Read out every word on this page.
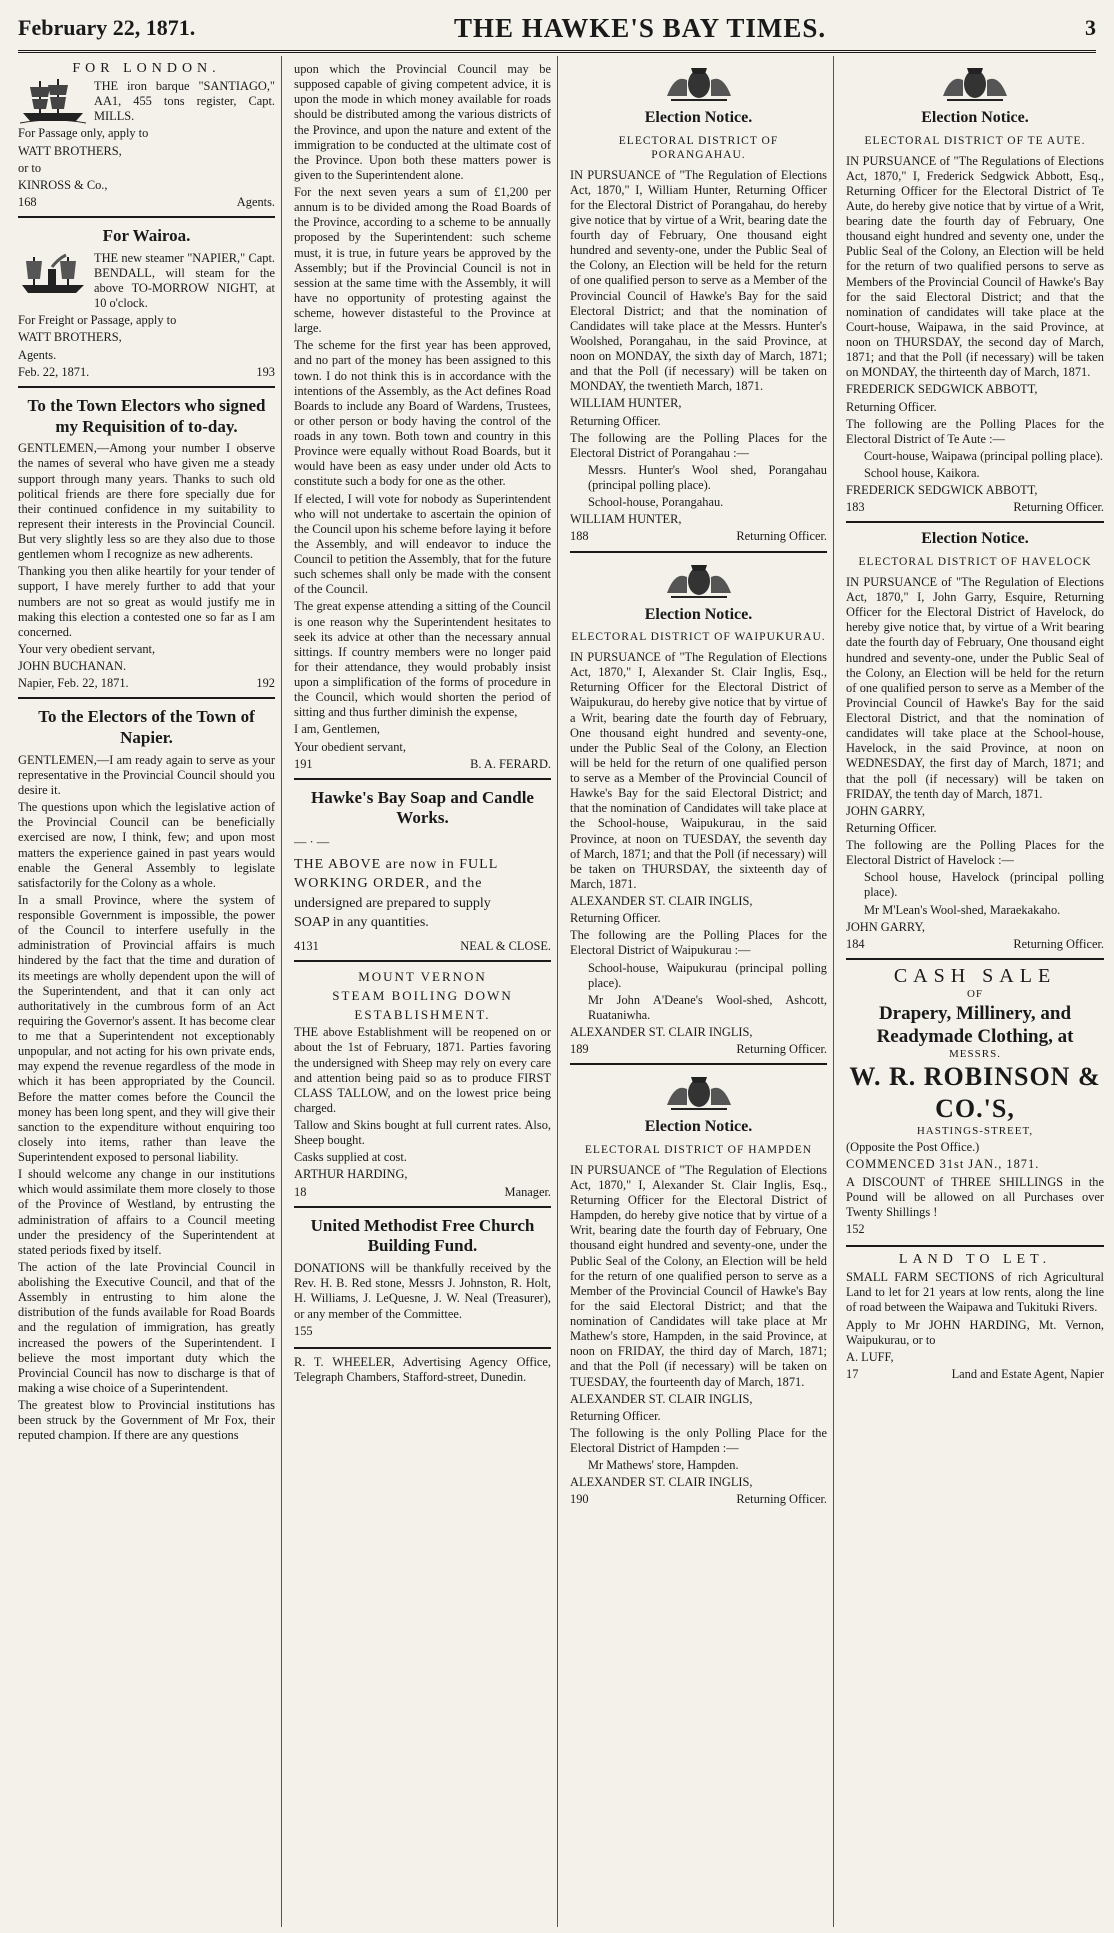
February 22, 1871.	THE HAWKE'S BAY TIMES.	3
FOR LONDON.

THE iron barque "SANTIAGO," AA1, 455 tons register, Capt. MILLS.

For Passage only, apply to

WATT BROTHERS,

or to

KINROSS & Co.,

168	Agents.
For Wairoa.

THE new steamer "NAPIER," Capt. BENDALL, will steam for the above TO-MORROW NIGHT, at 10 o'clock.

For Freight or Passage, apply to

WATT BROTHERS,

Agents.

Feb. 22, 1871.	193
To the Town Electors who signed my Requisition of to-day.

GENTLEMEN,—Among your number I observe the names of several who have given me a steady support through many years. Thanks to such old political friends are there fore specially due for their continued confidence in my suitability to represent their interests in the Provincial Council. But very slightly less so are they also due to those gentlemen whom I recognize as new adherents.

Thanking you then alike heartily for your tender of support, I have merely further to add that your numbers are not so great as would justify me in making this election a contested one so far as I am concerned.

Your very obedient servant,

JOHN BUCHANAN.

Napier, Feb. 22, 1871.	192
To the Electors of the Town of Napier.

GENTLEMEN,—I am ready again to serve as your representative in the Provincial Council should you desire it.

The questions upon which the legislative action of the Provincial Council can be beneficially exercised are now, I think, few; and upon most matters the experience gained in past years would enable the General Assembly to legislate satisfactorily for the Colony as a whole.

In a small Province, where the system of responsible Government is impossible, the power of the Council to interfere usefully in the administration of Provincial affairs is much hindered by the fact that the time and duration of its meetings are wholly dependent upon the will of the Superintendent, and that it can only act authoritatively in the cumbrous form of an Act requiring the Governor's assent. It has become clear to me that a Superintendent not exceptionably unpopular, and not acting for his own private ends, may expend the revenue regardless of the mode in which it has been appropriated by the Council. Before the matter comes before the Council the money has been long spent, and they will give their sanction to the expenditure without enquiring too closely into items, rather than leave the Superintendent exposed to personal liability.

I should welcome any change in our institutions which would assimilate them more closely to those of the Province of Westland, by entrusting the administration of affairs to a Council meeting under the presidency of the Superintendent at stated periods fixed by itself.

The action of the late Provincial Council in abolishing the Executive Council, and that of the Assembly in entrusting to him alone the distribution of the funds available for Road Boards and the regulation of immigration, has greatly increased the powers of the Superintendent. I believe the most important duty which the Provincial Council has now to discharge is that of making a wise choice of a Superintendent.

The greatest blow to Provincial institutions has been struck by the Government of Mr Fox, their reputed champion. If there are any questions

upon which the Provincial Council may be supposed capable of giving competent advice, it is upon the mode in which money available for roads should be distributed among the various districts of the Province, and upon the nature and extent of the immigration to be conducted at the ultimate cost of the Province. Upon both these matters power is given to the Superintendent alone.

For the next seven years a sum of £1,200 per annum is to be divided among the Road Boards of the Province, according to a scheme to be annually proposed by the Superintendent: such scheme must, it is true, in future years be approved by the Assembly; but if the Provincial Council is not in session at the same time with the Assembly, it will have no opportunity of protesting against the scheme, however distasteful to the Province at large.

The scheme for the first year has been approved, and no part of the money has been assigned to this town. I do not think this is in accordance with the intentions of the Assembly, as the Act defines Road Boards to include any Board of Wardens, Trustees, or other person or body having the control of the roads in any town. Both town and country in this Province were equally without Road Boards, but it would have been as easy under under old Acts to constitute such a body for one as the other.

If elected, I will vote for nobody as Superintendent who will not undertake to ascertain the opinion of the Council upon his scheme before laying it before the Assembly, and will endeavor to induce the Council to petition the Assembly, that for the future such schemes shall only be made with the consent of the Council.

The great expense attending a sitting of the Council is one reason why the Superintendent hesitates to seek its advice at other than the necessary annual sittings. If country members were no longer paid for their attendance, they would probably insist upon a simplification of the forms of procedure in the Council, which would shorten the period of sitting and thus further diminish the expense,

I am, Gentlemen,

Your obedient servant,

191	B. A. FERARD.
Hawke's Bay Soap and Candle Works.

— · —

THE ABOVE are now in FULL

WORKING ORDER, and the

undersigned are prepared to supply

SOAP in any quantities.

4131	NEAL & CLOSE.
MOUNT VERNON
STEAM BOILING DOWN
ESTABLISHMENT.

THE above Establishment will be reopened on or about the 1st of February, 1871. Parties favoring the undersigned with Sheep may rely on every care and attention being paid so as to produce FIRST CLASS TALLOW, and on the lowest price being charged.

Tallow and Skins bought at full current rates. Also, Sheep bought.

Casks supplied at cost.

ARTHUR HARDING,

18	Manager.
United Methodist Free Church Building Fund.

DONATIONS will be thankfully received by the Rev. H. B. Red stone, Messrs J. Johnston, R. Holt, H. Williams, J. LeQuesne, J. W. Neal (Treasurer), or any member of the Committee.

155

R. T. WHEELER, Advertising Agency Office, Telegraph Chambers, Stafford-street, Dunedin.

Election Notice.
ELECTORAL DISTRICT OF PORANGAHAU.

IN PURSUANCE of "The Regulation of Elections Act, 1870," I, William Hunter, Returning Officer for the Electoral District of Porangahau, do hereby give notice that by virtue of a Writ, bearing date the fourth day of February, One thousand eight hundred and seventy-one, under the Public Seal of the Colony, an Election will be held for the return of one qualified person to serve as a Member of the Provincial Council of Hawke's Bay for the said Electoral District; and that the nomination of Candidates will take place at the Messrs. Hunter's Woolshed, Porangahau, in the said Province, at noon on MONDAY, the sixth day of March, 1871; and that the Poll (if necessary) will be taken on MONDAY, the twentieth March, 1871.

WILLIAM HUNTER,

Returning Officer.

The following are the Polling Places for the Electoral District of Porangahau :—

Messrs. Hunter's Wool shed, Porangahau (principal polling place).

School-house, Porangahau.

WILLIAM HUNTER,

188	Returning Officer.
Election Notice.
ELECTORAL DISTRICT OF WAIPUKURAU.

IN PURSUANCE of "The Regulation of Elections Act, 1870," I, Alexander St. Clair Inglis, Esq., Returning Officer for the Electoral District of Waipukurau, do hereby give notice that by virtue of a Writ, bearing date the fourth day of February, One thousand eight hundred and seventy-one, under the Public Seal of the Colony, an Election will be held for the return of one qualified person to serve as a Member of the Provincial Council of Hawke's Bay for the said Electoral District; and that the nomination of Candidates will take place at the School-house, Waipukurau, in the said Province, at noon on TUESDAY, the seventh day of March, 1871; and that the Poll (if necessary) will be taken on THURSDAY, the sixteenth day of March, 1871.

ALEXANDER ST. CLAIR INGLIS,

Returning Officer.

The following are the Polling Places for the Electoral District of Waipukurau :—

School-house, Waipukurau (principal polling place).

Mr John A'Deane's Wool-shed, Ashcott, Ruataniwha.

ALEXANDER ST. CLAIR INGLIS,

189	Returning Officer.
Election Notice.
ELECTORAL DISTRICT OF HAMPDEN

IN PURSUANCE of "The Regulation of Elections Act, 1870," I, Alexander St. Clair Inglis, Esq., Returning Officer for the Electoral District of Hampden, do hereby give notice that by virtue of a Writ, bearing date the fourth day of February, One thousand eight hundred and seventy-one, under the Public Seal of the Colony, an Election will be held for the return of one qualified person to serve as a Member of the Provincial Council of Hawke's Bay for the said Electoral District; and that the nomination of Candidates will take place at Mr Mathew's store, Hampden, in the said Province, at noon on FRIDAY, the third day of March, 1871; and that the Poll (if necessary) will be taken on TUESDAY, the fourteenth day of March, 1871.

ALEXANDER ST. CLAIR INGLIS,

Returning Officer.

The following is the only Polling Place for the Electoral District of Hampden :—

Mr Mathews' store, Hampden.

ALEXANDER ST. CLAIR INGLIS,

190	Returning Officer.
Election Notice.
ELECTORAL DISTRICT OF TE AUTE.

IN PURSUANCE of "The Regulations of Elections Act, 1870," I, Frederick Sedgwick Abbott, Esq., Returning Officer for the Electoral District of Te Aute, do hereby give notice that by virtue of a Writ, bearing date the fourth day of February, One thousand eight hundred and seventy one, under the Public Seal of the Colony, an Election will be held for the return of two qualified persons to serve as Members of the Provincial Council of Hawke's Bay for the said Electoral District; and that the nomination of candidates will take place at the Court-house, Waipawa, in the said Province, at noon on THURSDAY, the second day of March, 1871; and that the Poll (if necessary) will be taken on MONDAY, the thirteenth day of March, 1871.

FREDERICK SEDGWICK ABBOTT,

Returning Officer.

The following are the Polling Places for the Electoral District of Te Aute :—

Court-house, Waipawa (principal polling place).

School house, Kaikora.

FREDERICK SEDGWICK ABBOTT,

183	Returning Officer.
Election Notice.
ELECTORAL DISTRICT OF HAVELOCK

IN PURSUANCE of "The Regulation of Elections Act, 1870," I, John Garry, Esquire, Returning Officer for the Electoral District of Havelock, do hereby give notice that, by virtue of a Writ bearing date the fourth day of February, One thousand eight hundred and seventy-one, under the Public Seal of the Colony, an Election will be held for the return of one qualified person to serve as a Member of the Provincial Council of Hawke's Bay for the said Electoral District, and that the nomination of candidates will take place at the School-house, Havelock, in the said Province, at noon on WEDNESDAY, the first day of March, 1871; and that the poll (if necessary) will be taken on FRIDAY, the tenth day of March, 1871.

JOHN GARRY,

Returning Officer.

The following are the Polling Places for the Electoral District of Havelock :—

School house, Havelock (principal polling place).

Mr M'Lean's Wool-shed, Maraekakaho.

JOHN GARRY,

184	Returning Officer.
CASH SALE
OF
Drapery, Millinery, and Readymade Clothing, at
MESSRS.
W. R. ROBINSON & CO.'S,
HASTINGS-STREET,

(Opposite the Post Office.)

COMMENCED 31st JAN., 1871.

A DISCOUNT of THREE SHILLINGS in the Pound will be allowed on all Purchases over Twenty Shillings !

152

LAND TO LET.

SMALL FARM SECTIONS of rich Agricultural Land to let for 21 years at low rents, along the line of road between the Waipawa and Tukituki Rivers.

Apply to Mr JOHN HARDING, Mt. Vernon, Waipukurau, or to

A. LUFF,

17	Land and Estate Agent, Napier
